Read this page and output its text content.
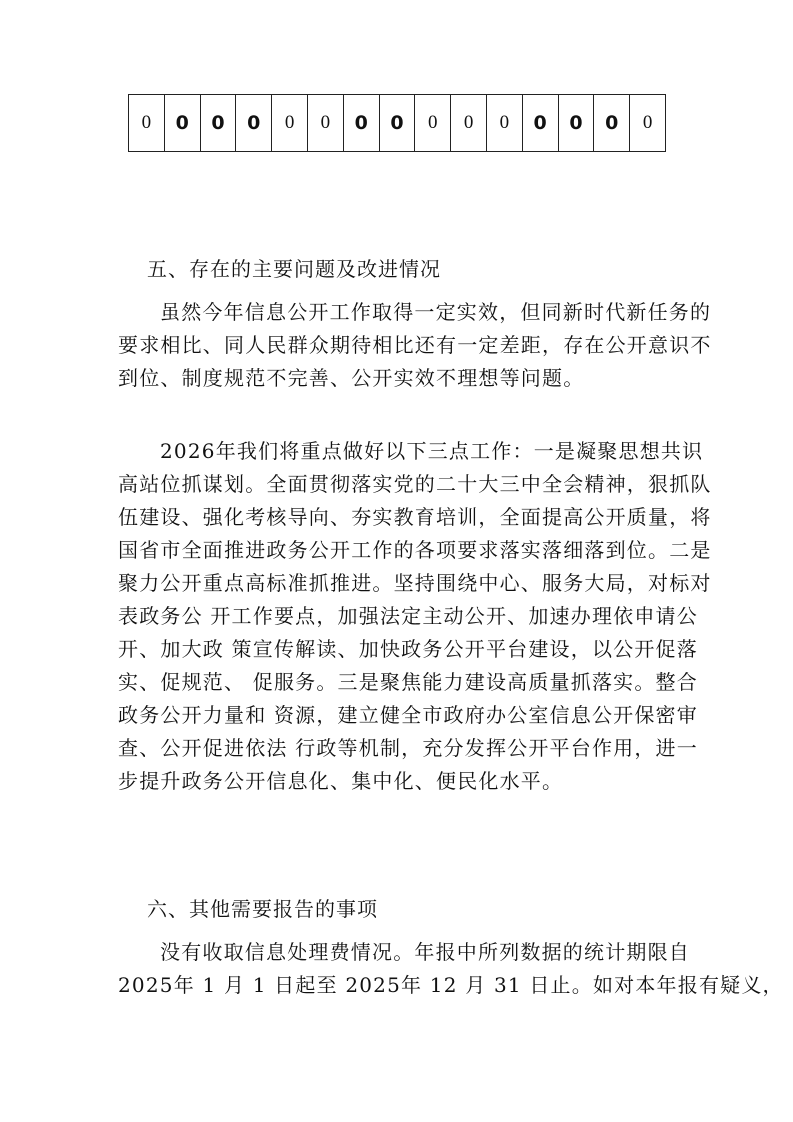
0	0	0	0	0	0	0	0	0	0	0	0	0	0	0
五、存在的主要问题及改进情况
虽然今年信息公开工作取得一定实效，但同新时代新任务的
要求相比、同人民群众期待相比还有一定差距，存在公开意识不
到位、制度规范不完善、公开实效不理想等问题。
2026年我们将重点做好以下三点工作：一是凝聚思想共识
高站位抓谋划。全面贯彻落实党的二十大三中全会精神，狠抓队
伍建设、强化考核导向、夯实教育培训，全面提高公开质量，将
国省市全面推进政务公开工作的各项要求落实落细落到位。二是
聚力公开重点高标准抓推进。坚持围绕中心、服务大局，对标对
表政务公 开工作要点，加强法定主动公开、加速办理依申请公
开、加大政 策宣传解读、加快政务公开平台建设，以公开促落
实、促规范、 促服务。三是聚焦能力建设高质量抓落实。整合
政务公开力量和 资源，建立健全市政府办公室信息公开保密审
查、公开促进依法 行政等机制，充分发挥公开平台作用，进一
步提升政务公开信息化、集中化、便民化水平。
六、其他需要报告的事项
没有收取信息处理费情况。年报中所列数据的统计期限自
2025年 1 月 1 日起至 2025年 12 月 31 日止。如对本年报有疑义，
